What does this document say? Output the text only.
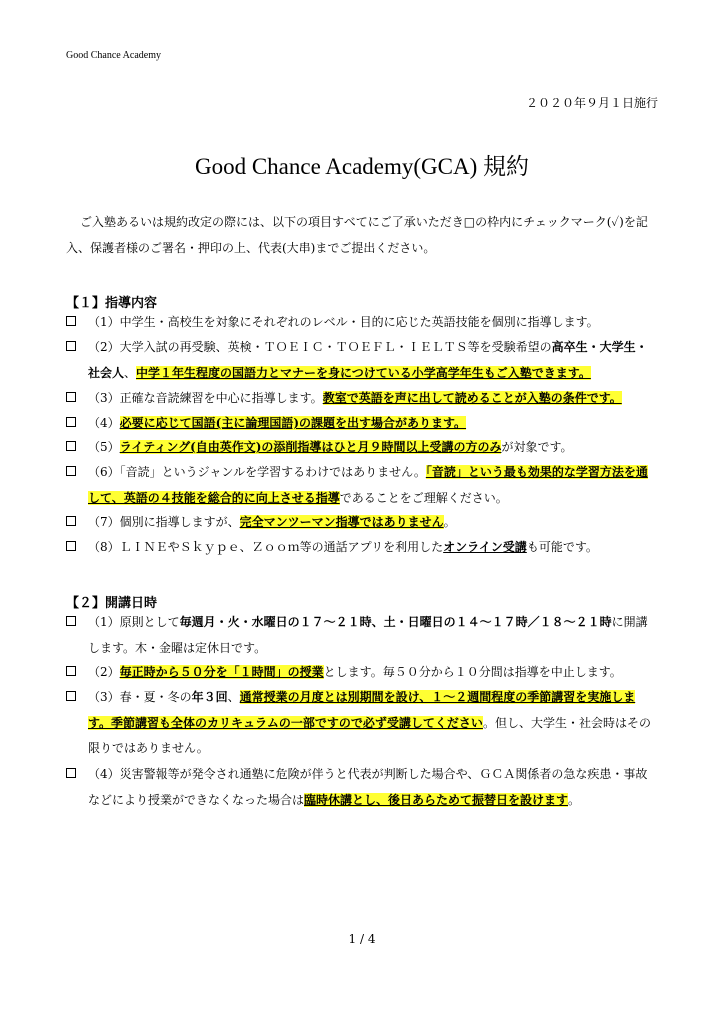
Good Chance Academy
２０２０年９月１日施行
Good Chance Academy(GCA) 規約
ご入塾あるいは規約改定の際には、以下の項目すべてにご了承いただき□の枠内にチェックマーク(✓)を記入、保護者様のご署名・押印の上、代表(大串)までご提出ください。
【１】指導内容
（1）中学生・高校生を対象にそれぞれのレベル・目的に応じた英語技能を個別に指導します。
（2）大学入試の再受験、英検・ＴＯＥＩＣ・ＴＯＥＦＬ・ＩＥＬＴＳ等を受験希望の高卒生・大学生・社会人、中学１年生程度の国語力とマナーを身につけている小学高学年生もご入塾できます。
（3）正確な音読練習を中心に指導します。教室で英語を声に出して読めることが入塾の条件です。
（4）必要に応じて国語(主に論理国語)の課題を出す場合があります。
（5）ライティング(自由英作文)の添削指導はひと月９時間以上受講の方のみが対象です。
（6）「音読」というジャンルを学習するわけではありません。「音読」という最も効果的な学習方法を通して、英語の４技能を総合的に向上させる指導であることをご理解ください。
（7）個別に指導しますが、完全マンツーマン指導ではありません。
（8）ＬＩＮＥやＳｋｙｐｅ、Ｚｏｏｍ等の通話アプリを利用したオンライン受講も可能です。
【２】開講日時
（1）原則として毎週月・火・水曜日の１７～２１時、土・日曜日の１４～１７時／１８～２１時に開講します。木・金曜は定休日です。
（2）毎正時から５０分を「１時間」の授業とします。毎５０分から１０分間は指導を中止します。
（3）春・夏・冬の年３回、通常授業の月度とは別期間を設け、１～２週間程度の季節講習を実施します。季節講習も全体のカリキュラムの一部ですので必ず受講してください。但し、大学生・社会時はその限りではありません。
（4）災害警報等が発令され通塾に危険が伴うと代表が判断した場合や、ＧＣＡ関係者の急な疾患・事故などにより授業ができなくなった場合は臨時休講とし、後日あらためて振替日を設けます。
1 / 4
